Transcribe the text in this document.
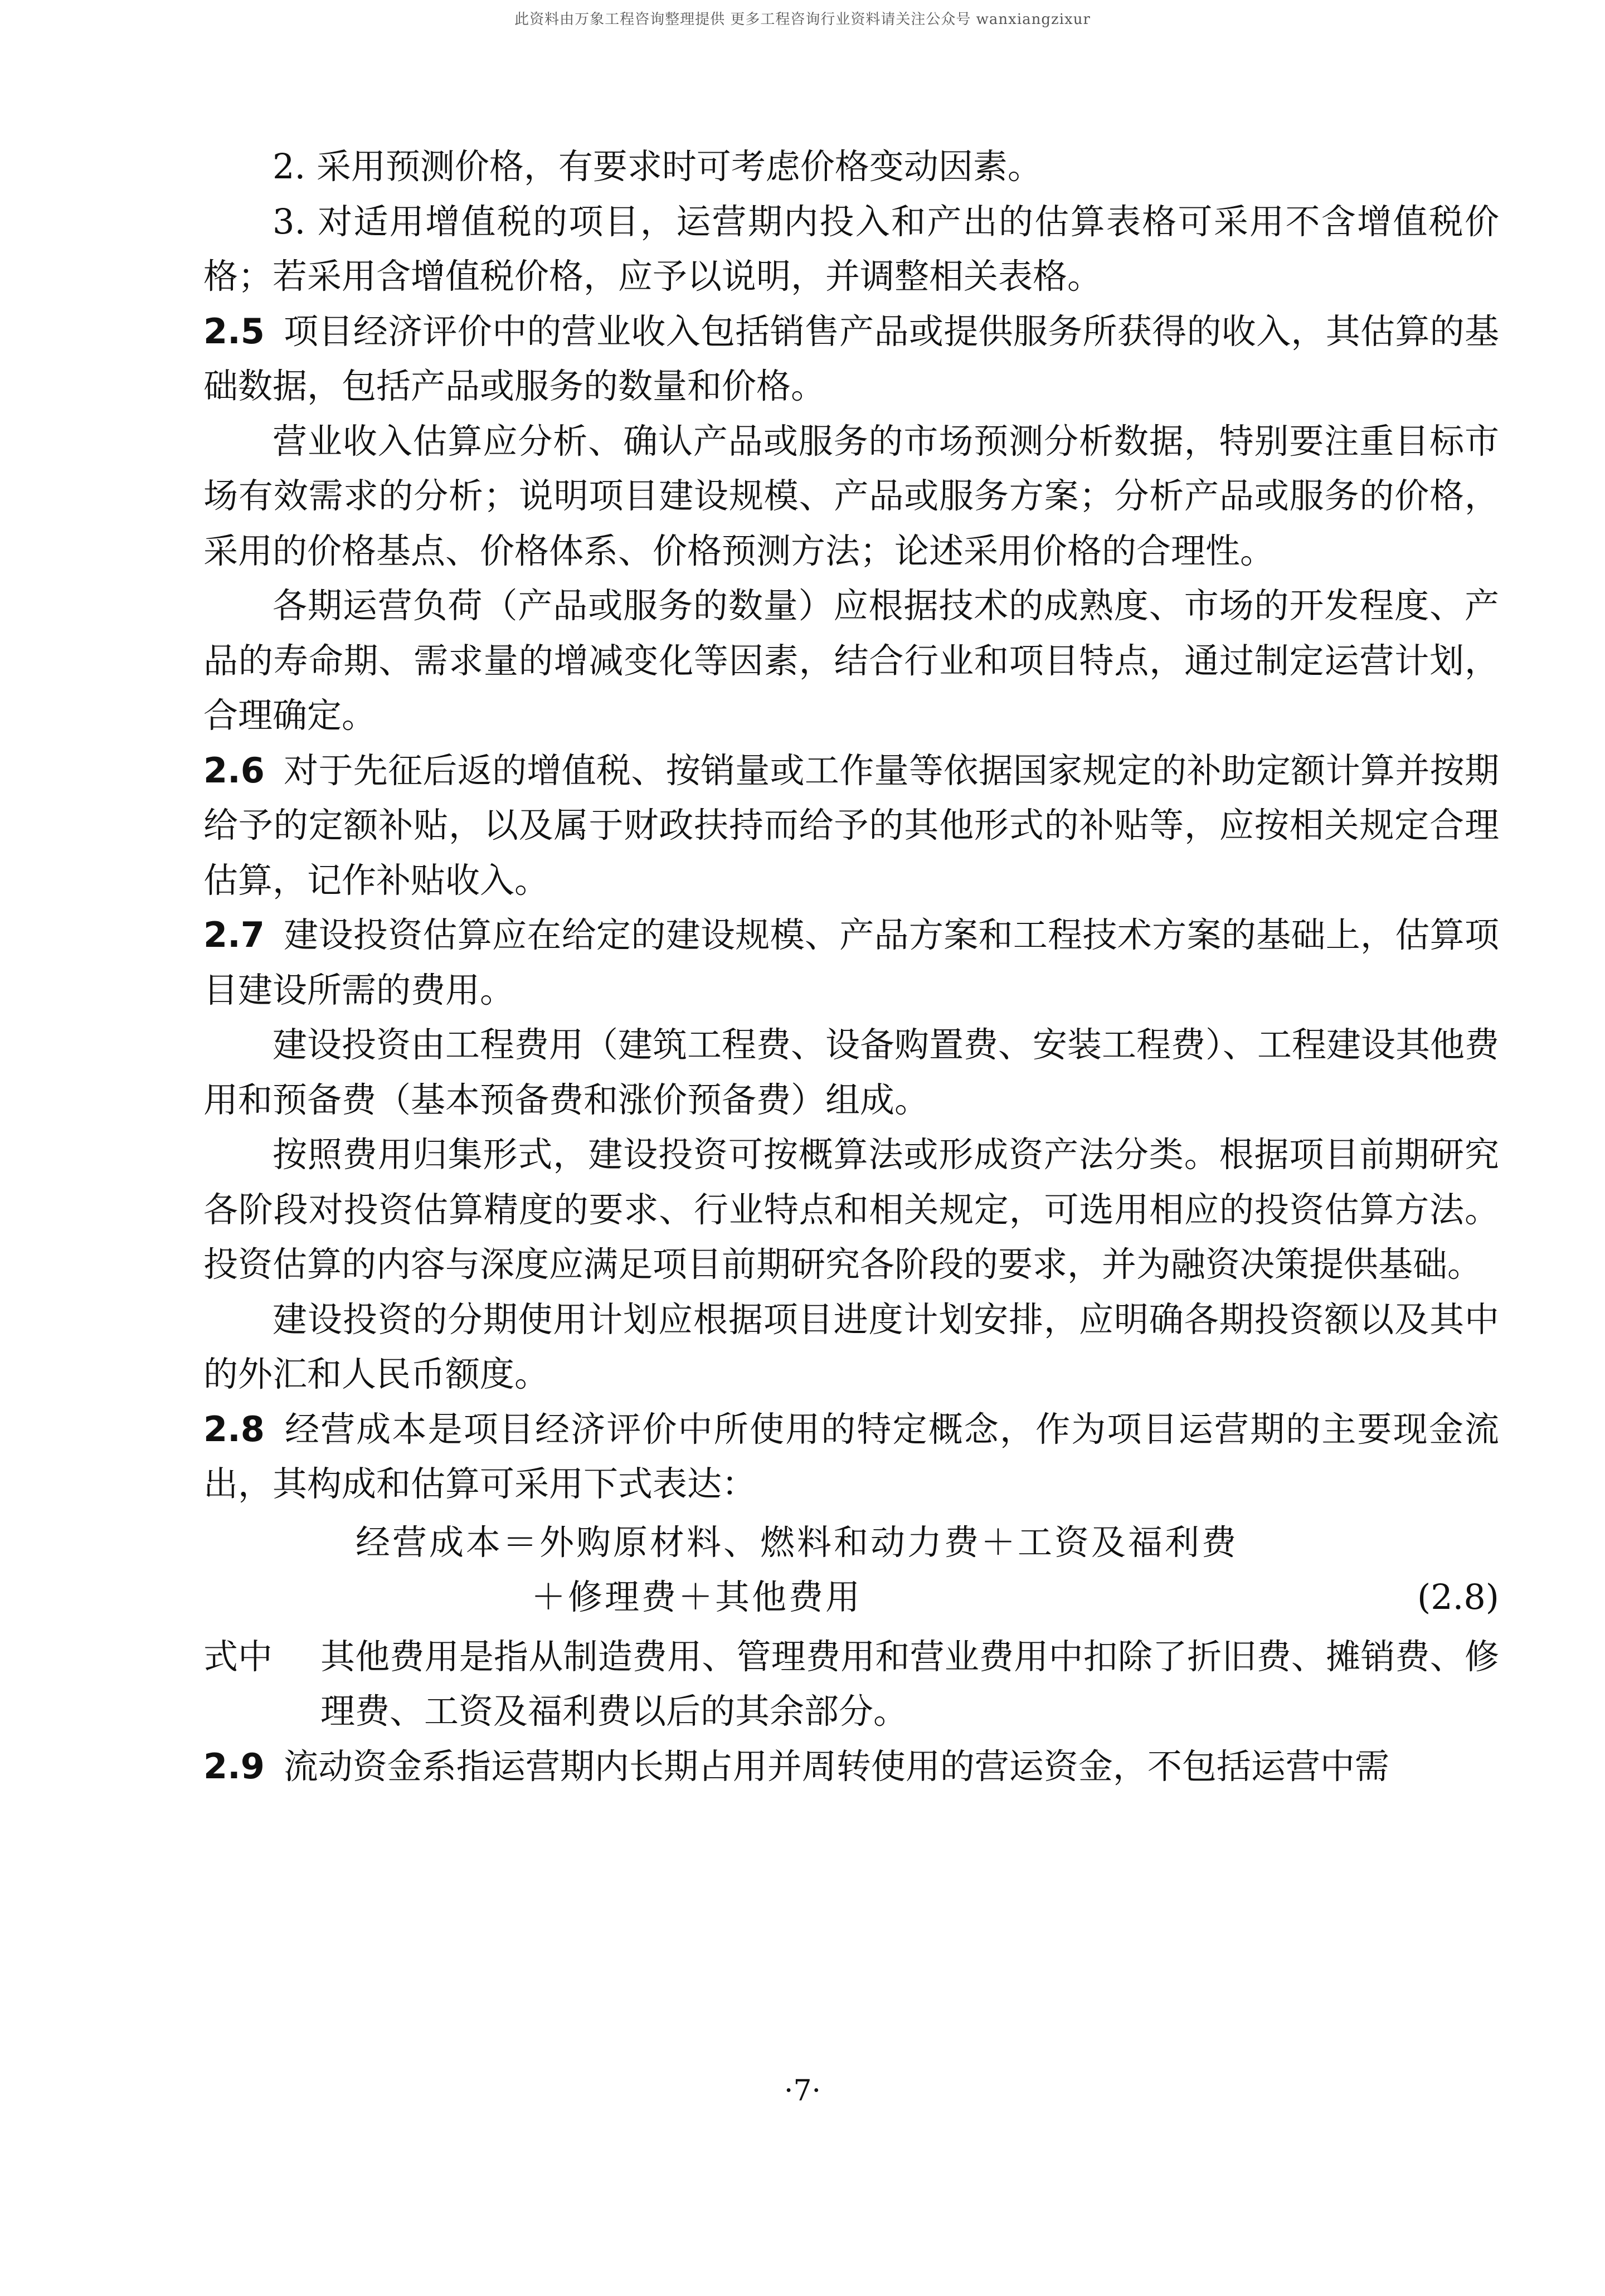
此资料由万象工程咨询整理提供 更多工程咨询行业资料请关注公众号 wanxiangzixur

2. 采用预测价格，有要求时可考虑价格变动因素。

3. 对适用增值税的项目，运营期内投入和产出的估算表格可采用不含增值税价格；若采用含增值税价格，应予以说明，并调整相关表格。

2.5 项目经济评价中的营业收入包括销售产品或提供服务所获得的收入，其估算的基础数据，包括产品或服务的数量和价格。

营业收入估算应分析、确认产品或服务的市场预测分析数据，特别要注重目标市场有效需求的分析；说明项目建设规模、产品或服务方案；分析产品或服务的价格，采用的价格基点、价格体系、价格预测方法；论述采用价格的合理性。

各期运营负荷（产品或服务的数量）应根据技术的成熟度、市场的开发程度、产品的寿命期、需求量的增减变化等因素，结合行业和项目特点，通过制定运营计划，合理确定。

2.6 对于先征后返的增值税、按销量或工作量等依据国家规定的补助定额计算并按期给予的定额补贴，以及属于财政扶持而给予的其他形式的补贴等，应按相关规定合理估算，记作补贴收入。

2.7 建设投资估算应在给定的建设规模、产品方案和工程技术方案的基础上，估算项目建设所需的费用。

建设投资由工程费用（建筑工程费、设备购置费、安装工程费）、工程建设其他费用和预备费（基本预备费和涨价预备费）组成。

按照费用归集形式，建设投资可按概算法或形成资产法分类。根据项目前期研究各阶段对投资估算精度的要求、行业特点和相关规定，可选用相应的投资估算方法。投资估算的内容与深度应满足项目前期研究各阶段的要求，并为融资决策提供基础。

建设投资的分期使用计划应根据项目进度计划安排，应明确各期投资额以及其中的外汇和人民币额度。

2.8 经营成本是项目经济评价中所使用的特定概念，作为项目运营期的主要现金流出，其构成和估算可采用下式表达：

经营成本＝外购原材料、燃料和动力费＋工资及福利费
＋修理费＋其他费用	(2.8)
式中 其他费用是指从制造费用、管理费用和营业费用中扣除了折旧费、摊销费、修理费、工资及福利费以后的其余部分。

2.9 流动资金系指运营期内长期占用并周转使用的营运资金，不包括运营中需

·7·
